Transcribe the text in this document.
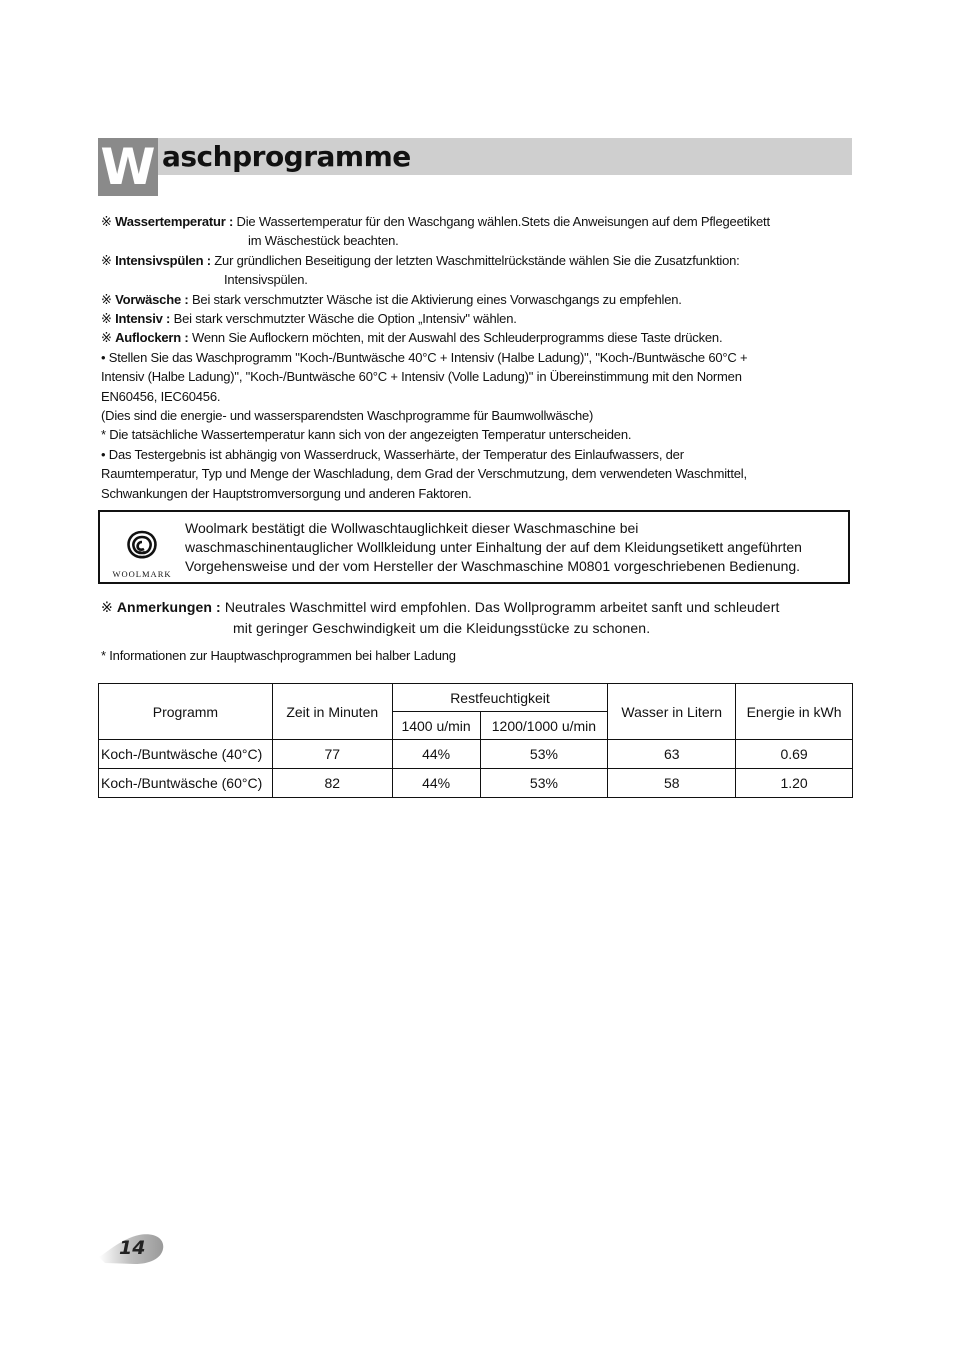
W aschprogramme

※ Wassertemperatur : Die Wassertemperatur für den Waschgang wählen.Stets die Anweisungen auf dem Pflegeetikett

im Wäschestück beachten.

※ Intensivspülen : Zur gründlichen Beseitigung der letzten Waschmittelrückstände wählen Sie die Zusatzfunktion:

Intensivspülen.

※ Vorwäsche : Bei stark verschmutzter Wäsche ist die Aktivierung eines Vorwaschgangs zu empfehlen.

※ Intensiv : Bei stark verschmutzter Wäsche die Option „Intensiv" wählen.

※ Auflockern : Wenn Sie Auflockern möchten, mit der Auswahl des Schleuderprogramms diese Taste drücken.

• Stellen Sie das Waschprogramm "Koch-/Buntwäsche 40°C + Intensiv (Halbe Ladung)", "Koch-/Buntwäsche 60°C +

Intensiv (Halbe Ladung)", "Koch-/Buntwäsche 60°C + Intensiv (Volle Ladung)" in Übereinstimmung mit den Normen

EN60456, IEC60456.

(Dies sind die energie- und wassersparendsten Waschprogramme für Baumwollwäsche)

* Die tatsächliche Wassertemperatur kann sich von der angezeigten Temperatur unterscheiden.

• Das Testergebnis ist abhängig von Wasserdruck, Wasserhärte, der Temperatur des Einlaufwassers, der

Raumtemperatur, Typ und Menge der Waschladung, dem Grad der Verschmutzung, dem verwendeten Waschmittel,

Schwankungen der Hauptstromversorgung und anderen Faktoren.

WOOLMARK
Woolmark bestätigt die Wollwaschtauglichkeit dieser Waschmaschine bei
waschmaschinentauglicher Wollkleidung unter Einhaltung der auf dem Kleidungsetikett angeführten
Vorgehensweise und der vom Hersteller der Waschmaschine M0801 vorgeschriebenen Bedienung.
※ Anmerkungen : Neutrales Waschmittel wird empfohlen. Das Wollprogramm arbeitet sanft und schleudert
mit geringer Geschwindigkeit um die Kleidungsstücke zu schonen.
* Informationen zur Hauptwaschprogrammen bei halber Ladung
Programm	Zeit in Minuten	Restfeuchtigkeit		Wasser in Litern	Energie in kWh
		1400 u/min	1200/1000 u/min		
Koch-/Buntwäsche (40°C)	77	44%	53%	63	0.69
Koch-/Buntwäsche (60°C)	82	44%	53%	58	1.20
14
